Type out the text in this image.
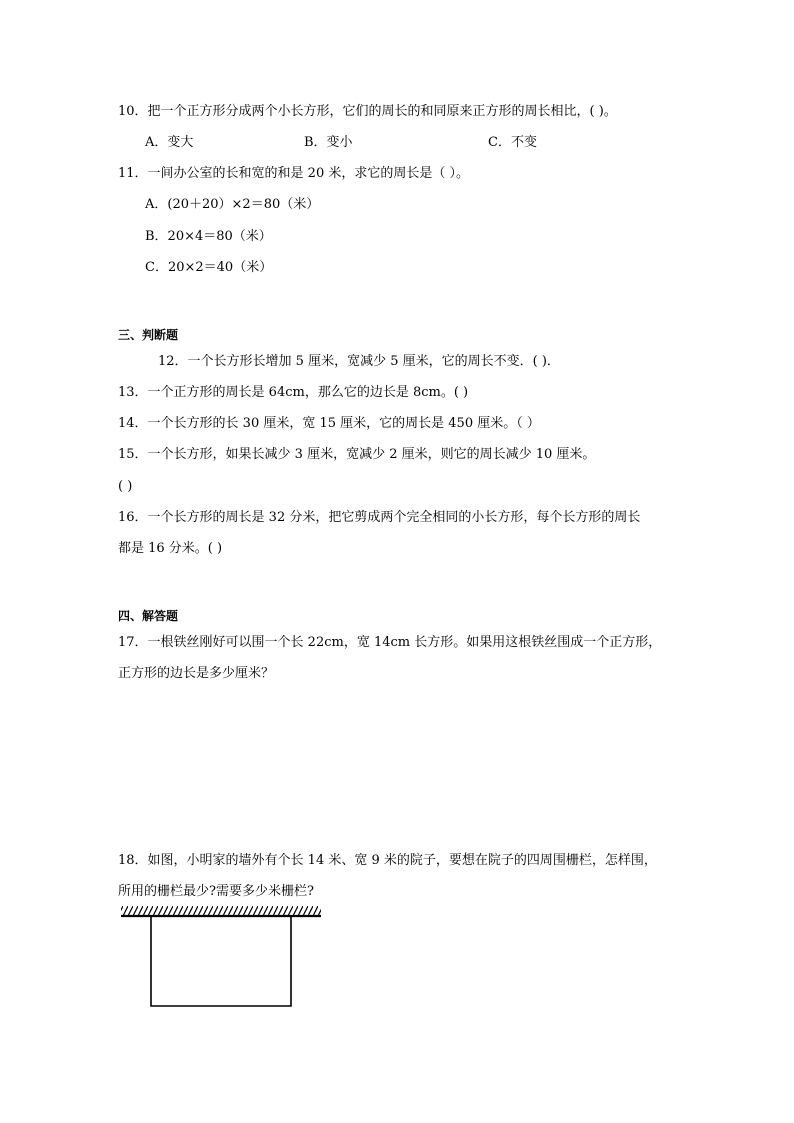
10．把一个正方形分成两个小长方形，它们的周长的和同原来正方形的周长相比，( )。
A．变大	B．变小	C．不变
11．一间办公室的长和宽的和是 20 米，求它的周长是（ ）。
A．(20＋20）×2＝80（米）
B．20×4＝80（米）
C．20×2＝40（米）
三、判断题
12．一个长方形长增加 5 厘米，宽减少 5 厘米，它的周长不变．( )．
13．一个正方形的周长是 64cm，那么它的边长是 8cm。( )
14．一个长方形的长 30 厘米，宽 15 厘米，它的周长是 450 厘米。（ ）
15．一个长方形，如果长减少 3 厘米，宽减少 2 厘米，则它的周长减少 10 厘米。
( )
16．一个长方形的周长是 32 分米，把它剪成两个完全相同的小长方形，每个长方形的周长
都是 16 分米。( )
四、解答题
17．一根铁丝刚好可以围一个长 22cm，宽 14cm 长方形。如果用这根铁丝围成一个正方形，
正方形的边长是多少厘米？
18．如图，小明家的墙外有个长 14 米、宽 9 米的院子，要想在院子的四周围栅栏，怎样围，
所用的栅栏最少?需要多少米栅栏?
